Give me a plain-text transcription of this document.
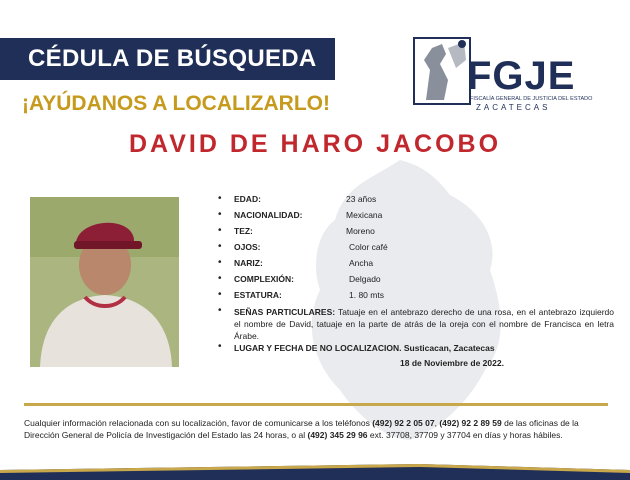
CÉDULA DE BÚSQUEDA
¡AYÚDANOS A LOCALIZARLO!
FGJE
FISCALÍA GENERAL DE JUSTICIA DEL ESTADO
ZACATECAS
DAVID DE HARO JACOBO
• EDAD:	23 años
• NACIONALIDAD:	Mexicana
• TEZ:	Moreno
• OJOS:	Color café
• NARIZ:	Ancha
• COMPLEXIÓN:	Delgado
• ESTATURA:	1. 80 mts
• SEÑAS PARTICULARES: Tatuaje en el antebrazo derecho de una rosa, en el antebrazo izquierdo el nombre de David, tatuaje en la parte de atrás de la oreja con el nombre de Francisca en letra Árabe.
• LUGAR Y FECHA DE NO LOCALIZACION. Susticacan, Zacatecas
18 de Noviembre de 2022.
Cualquier información relacionada con su localización, favor de comunicarse a los teléfonos (492) 92 2 05 07, (492) 92 2 89 59 de las oficinas de la Dirección General de Policía de Investigación del Estado las 24 horas, o al (492) 345 29 96 ext. 37708, 37709 y 37704 en días y horas hábiles.
